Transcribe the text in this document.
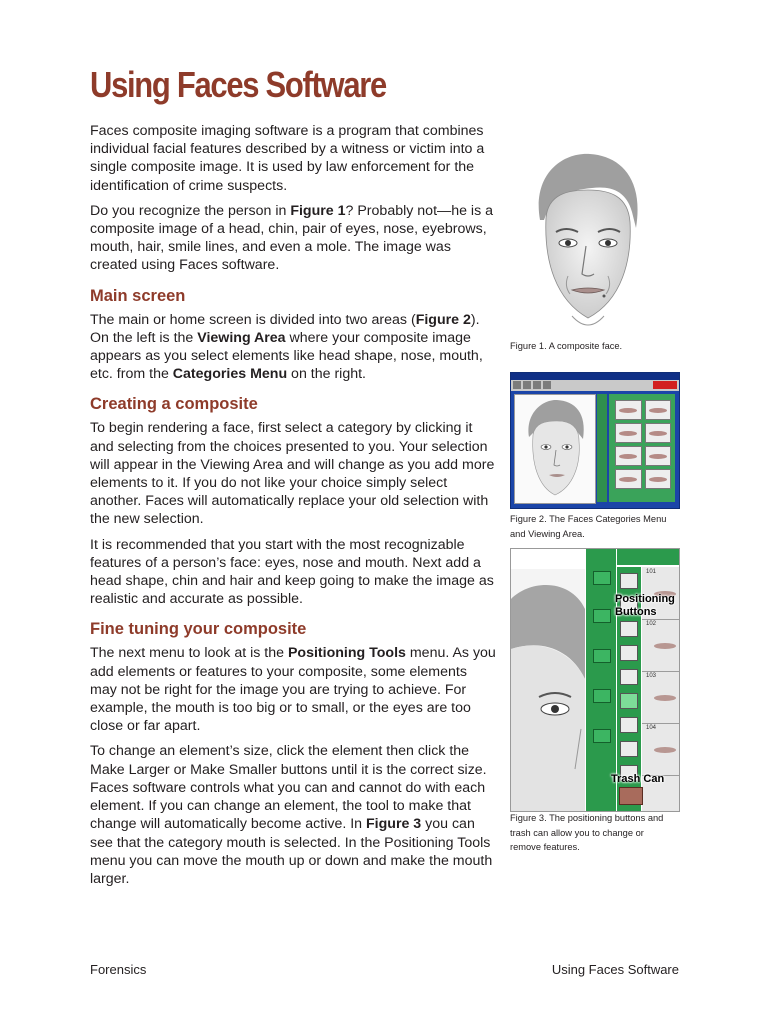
Using Faces Software

Faces composite imaging software is a program that combines individual facial features described by a witness or victim into a single composite image. It is used by law enforcement for the identification of crime suspects.

Do you recognize the person in Figure 1? Probably not—he is a composite image of a head, chin, pair of eyes, nose, eyebrows, mouth, hair, smile lines, and even a mole. The image was created using Faces software.

Main screen

The main or home screen is divided into two areas (Figure 2). On the left is the Viewing Area where your composite image appears as you select elements like head shape, nose, mouth, etc. from the Categories Menu on the right.

Creating a composite

To begin rendering a face, first select a category by clicking it and selecting from the choices presented to you. Your selection will appear in the Viewing Area and will change as you add more elements to it. If you do not like your choice simply select another. Faces will automatically replace your old selection with the new selection.

It is recommended that you start with the most recognizable features of a person’s face: eyes, nose and mouth. Next add a head shape, chin and hair and keep going to make the image as realistic and accurate as possible.

Fine tuning your composite

The next menu to look at is the Positioning Tools menu. As you add elements or features to your composite, some elements may not be right for the image you are trying to achieve. For example, the mouth is too big or to small, or the eyes are too close or far apart.

To change an element’s size, click the element then click the Make Larger or Make Smaller buttons until it is the correct size. Faces software controls what you can and cannot do with each element. If you can change an element, the tool to make that change will automatically become active. In Figure 3 you can see that the category mouth is selected. In the Positioning Tools menu you can move the mouth up or down and make the mouth larger.

Figure 1. A composite face.
Figure 2. The Faces Categories Menu and Viewing Area.
101
102
103
104
Positioning Buttons
Trash Can
Figure 3. The positioning buttons and trash can allow you to change or remove features.
Forensics	Using Faces Software
